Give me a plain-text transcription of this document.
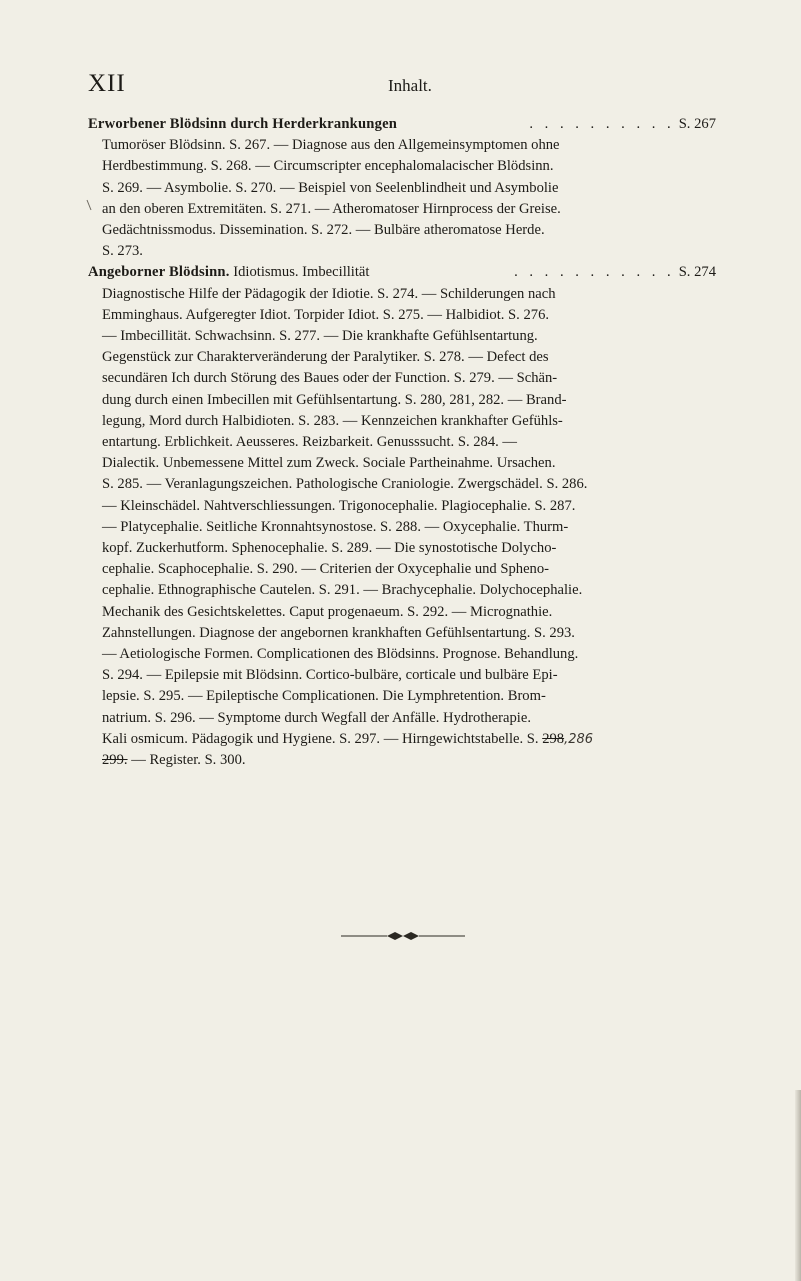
XII	Inhalt.
Erworbener Blödsinn durch Herderkrankungen	. . . . . . . . . . S. 267
Tumoröser Blödsinn. S. 267. — Diagnose aus den Allgemeinsymptomen ohne
Herdbestimmung. S. 268. — Circumscripter encephalomalacischer Blödsinn.
S. 269. — Asymbolie. S. 270. — Beispiel von Seelenblindheit und Asymbolie
an den oberen Extremitäten. S. 271. — Atheromatoser Hirnprocess der Greise.
Gedächtnissmodus. Dissemination. S. 272. — Bulbäre atheromatose Herde.
S. 273.
Angeborner Blödsinn. Idiotismus. Imbecillität	. . . . . . . . . . . S. 274
Diagnostische Hilfe der Pädagogik der Idiotie. S. 274. — Schilderungen nach
Emminghaus. Aufgeregter Idiot. Torpider Idiot. S. 275. — Halbidiot. S. 276.
— Imbecillität. Schwachsinn. S. 277. — Die krankhafte Gefühlsentartung.
Gegenstück zur Charakterveränderung der Paralytiker. S. 278. — Defect des
secundären Ich durch Störung des Baues oder der Function. S. 279. — Schän-
dung durch einen Imbecillen mit Gefühlsentartung. S. 280, 281, 282. — Brand-
legung, Mord durch Halbidioten. S. 283. — Kennzeichen krankhafter Gefühls-
entartung. Erblichkeit. Aeusseres. Reizbarkeit. Genusssucht. S. 284. —
Dialectik. Unbemessene Mittel zum Zweck. Sociale Partheinahme. Ursachen.
S. 285. — Veranlagungszeichen. Pathologische Craniologie. Zwergschädel. S. 286.
— Kleinschädel. Nahtverschliessungen. Trigonocephalie. Plagiocephalie. S. 287.
— Platycephalie. Seitliche Kronnahtsynostose. S. 288. — Oxycephalie. Thurm-
kopf. Zuckerhutform. Sphenocephalie. S. 289. — Die synostotische Dolycho-
cephalie. Scaphocephalie. S. 290. — Criterien der Oxycephalie und Spheno-
cephalie. Ethnographische Cautelen. S. 291. — Brachycephalie. Dolychocephalie.
Mechanik des Gesichtskelettes. Caput progenaeum. S. 292. — Micrognathie.
Zahnstellungen. Diagnose der angebornen krankhaften Gefühlsentartung. S. 293.
— Aetiologische Formen. Complicationen des Blödsinns. Prognose. Behandlung.
S. 294. — Epilepsie mit Blödsinn. Cortico-bulbäre, corticale und bulbäre Epi-
lepsie. S. 295. — Epileptische Complicationen. Die Lymphretention. Brom-
natrium. S. 296. — Symptome durch Wegfall der Anfälle. Hydrotherapie.
Kali osmicum. Pädagogik und Hygiene. S. 297. — Hirngewichtstabelle. S. 298,286
299. — Register. S. 300.
